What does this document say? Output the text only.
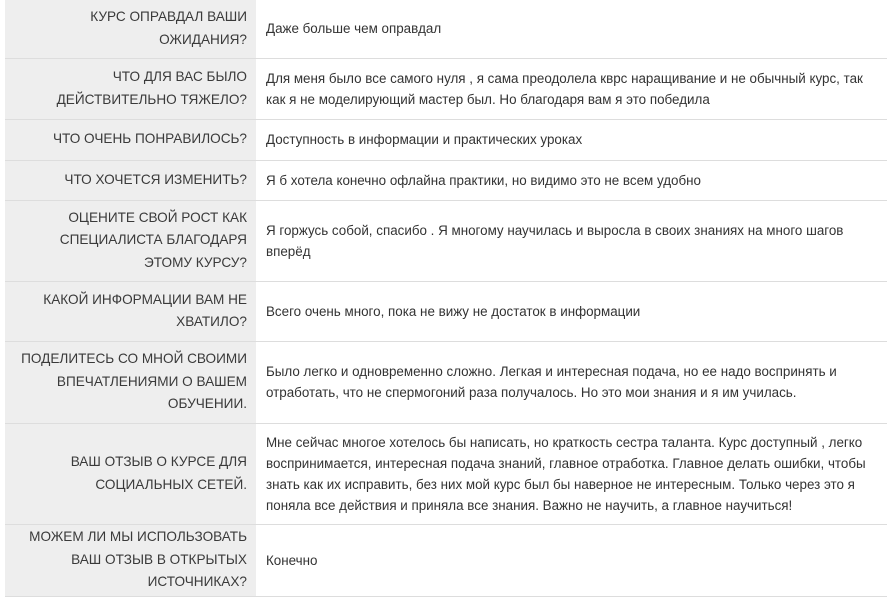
КУРС ОПРАВДАЛ ВАШИ ОЖИДАНИЯ?	Даже больше чем оправдал
ЧТО ДЛЯ ВАС БЫЛО ДЕЙСТВИТЕЛЬНО ТЯЖЕЛО?	Для меня было все самого нуля , я сама преодолела кврс наращивание и не обычный курс, так как я не моделирующий мастер был. Но благодаря вам я это победила
ЧТО ОЧЕНЬ ПОНРАВИЛОСЬ?	Доступность в информации и практических уроках
ЧТО ХОЧЕТСЯ ИЗМЕНИТЬ?	Я б хотела конечно офлайна практики, но видимо это не всем удобно
ОЦЕНИТЕ СВОЙ РОСТ КАК СПЕЦИАЛИСТА БЛАГОДАРЯ ЭТОМУ КУРСУ?	Я горжусь собой, спасибо . Я многому научилась и выросла в своих знаниях на много шагов вперёд
КАКОЙ ИНФОРМАЦИИ ВАМ НЕ ХВАТИЛО?	Всего очень много, пока не вижу не достаток в информации
ПОДЕЛИТЕСЬ СО МНОЙ СВОИМИ ВПЕЧАТЛЕНИЯМИ О ВАШЕМ ОБУЧЕНИИ.	Было легко и одновременно сложно. Легкая и интересная подача, но ее надо воспринять и отработать, что не спермогоний раза получалось. Но это мои знания и я им училась.
ВАШ ОТЗЫВ О КУРСЕ ДЛЯ СОЦИАЛЬНЫХ СЕТЕЙ.	Мне сейчас многое хотелось бы написать, но краткость сестра таланта. Курс доступный , легко воспринимается, интересная подача знаний, главное отработка. Главное делать ошибки, чтобы знать как их исправить, без них мой курс был бы наверное не интересным. Только через это я поняла все действия и приняла все знания. Важно не научить, а главное научиться!
МОЖЕМ ЛИ МЫ ИСПОЛЬЗОВАТЬ ВАШ ОТЗЫВ В ОТКРЫТЫХ ИСТОЧНИКАХ?	Конечно
